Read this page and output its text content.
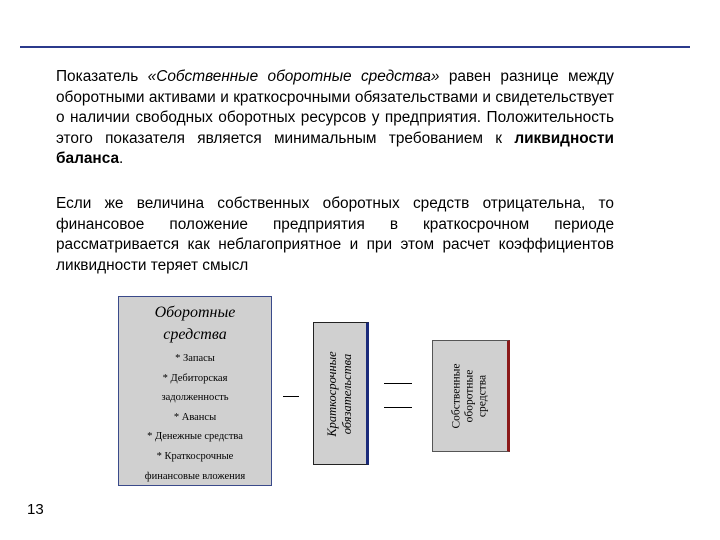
Показатель «Собственные оборотные средства» равен разнице между оборотными активами и краткосрочными обязательствами и свидетельствует о наличии свободных оборотных ресурсов у предприятия. Положительность этого показателя является минимальным требованием к ликвидности баланса.

Если же величина собственных оборотных средств отрицательна, то финансовое положение предприятия в краткосрочном периоде рассматривается как неблагоприятное и при этом расчет коэффициентов ликвидности теряет смысл

Оборотные
средства
* Запасы
* Дебиторская
задолженность
* Авансы
* Денежные средства
* Краткосрочные
финансовые вложения
Краткосрочные обязательства	Собственные оборотные средства
13
